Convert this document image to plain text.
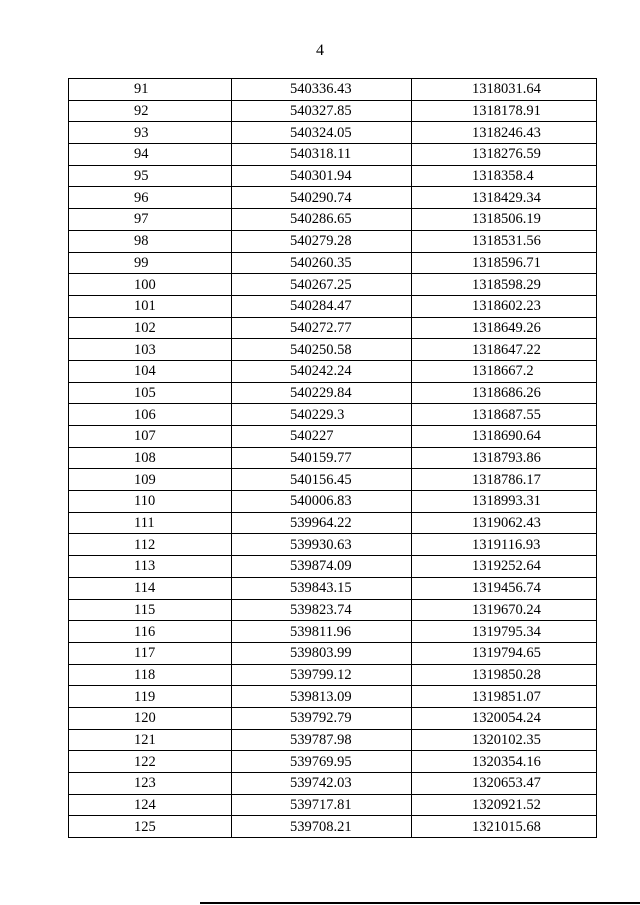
4
91	540336.43	1318031.64
92	540327.85	1318178.91
93	540324.05	1318246.43
94	540318.11	1318276.59
95	540301.94	1318358.4
96	540290.74	1318429.34
97	540286.65	1318506.19
98	540279.28	1318531.56
99	540260.35	1318596.71
100	540267.25	1318598.29
101	540284.47	1318602.23
102	540272.77	1318649.26
103	540250.58	1318647.22
104	540242.24	1318667.2
105	540229.84	1318686.26
106	540229.3	1318687.55
107	540227	1318690.64
108	540159.77	1318793.86
109	540156.45	1318786.17
110	540006.83	1318993.31
111	539964.22	1319062.43
112	539930.63	1319116.93
113	539874.09	1319252.64
114	539843.15	1319456.74
115	539823.74	1319670.24
116	539811.96	1319795.34
117	539803.99	1319794.65
118	539799.12	1319850.28
119	539813.09	1319851.07
120	539792.79	1320054.24
121	539787.98	1320102.35
122	539769.95	1320354.16
123	539742.03	1320653.47
124	539717.81	1320921.52
125	539708.21	1321015.68
